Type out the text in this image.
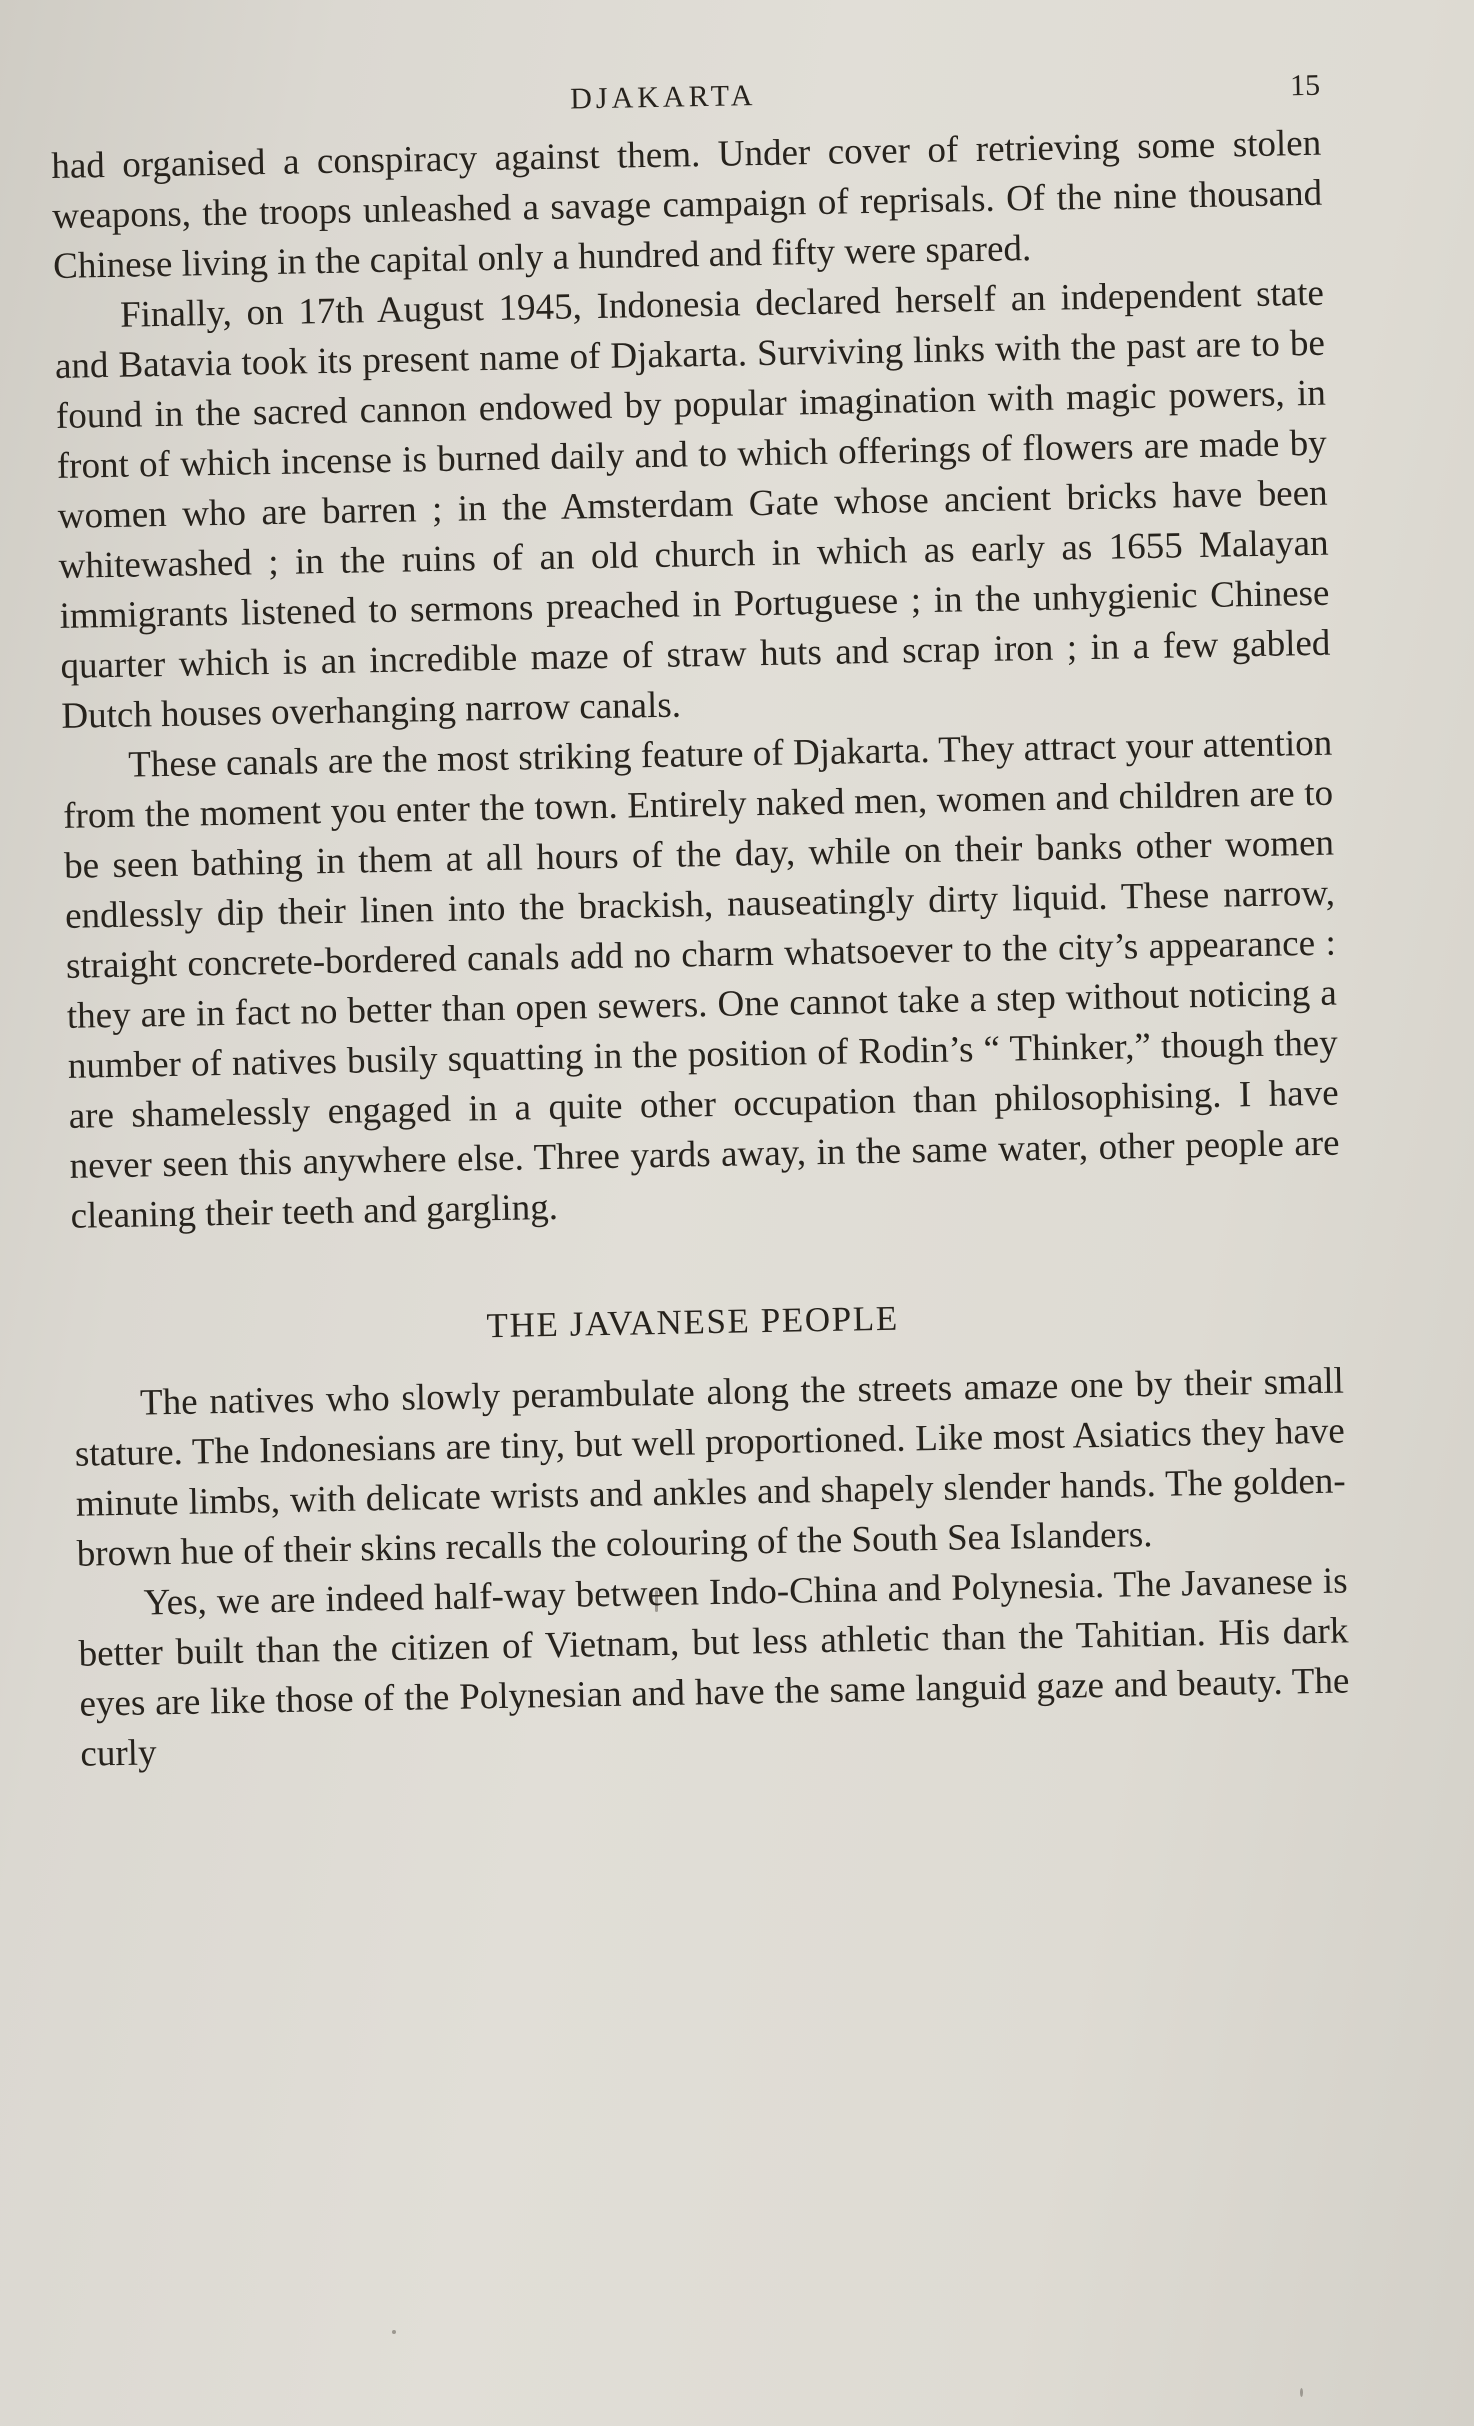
DJAKARTA	15

had organised a conspiracy against them. Under cover of retrieving some stolen weapons, the troops unleashed a savage campaign of reprisals. Of the nine thousand Chinese living in the capital only a hundred and fifty were spared.

Finally, on 17th August 1945, Indonesia declared herself an independent state and Batavia took its present name of Djakarta. Surviving links with the past are to be found in the sacred cannon endowed by popular imagination with magic powers, in front of which incense is burned daily and to which offerings of flowers are made by women who are barren ; in the Amsterdam Gate whose ancient bricks have been whitewashed ; in the ruins of an old church in which as early as 1655 Malayan immigrants listened to sermons preached in Portuguese ; in the unhygienic Chinese quarter which is an incredible maze of straw huts and scrap iron ; in a few gabled Dutch houses overhanging narrow canals.

These canals are the most striking feature of Djakarta. They attract your attention from the moment you enter the town. Entirely naked men, women and children are to be seen bathing in them at all hours of the day, while on their banks other women endlessly dip their linen into the brackish, nauseatingly dirty liquid. These narrow, straight concrete-bordered canals add no charm whatsoever to the city’s appearance : they are in fact no better than open sewers. One cannot take a step without noticing a number of natives busily squatting in the position of Rodin’s “ Thinker,” though they are shamelessly engaged in a quite other occupation than philosophising. I have never seen this anywhere else. Three yards away, in the same water, other people are cleaning their teeth and gargling.

THE JAVANESE PEOPLE

The natives who slowly perambulate along the streets amaze one by their small stature. The Indonesians are tiny, but well proportioned. Like most Asiatics they have minute limbs, with delicate wrists and ankles and shapely slender hands. The golden-brown hue of their skins recalls the colouring of the South Sea Islanders.

Yes, we are indeed half-way between Indo-China and Polynesia. The Javanese is better built than the citizen of Vietnam, but less athletic than the Tahitian. His dark eyes are like those of the Polynesian and have the same languid gaze and beauty. The curly
